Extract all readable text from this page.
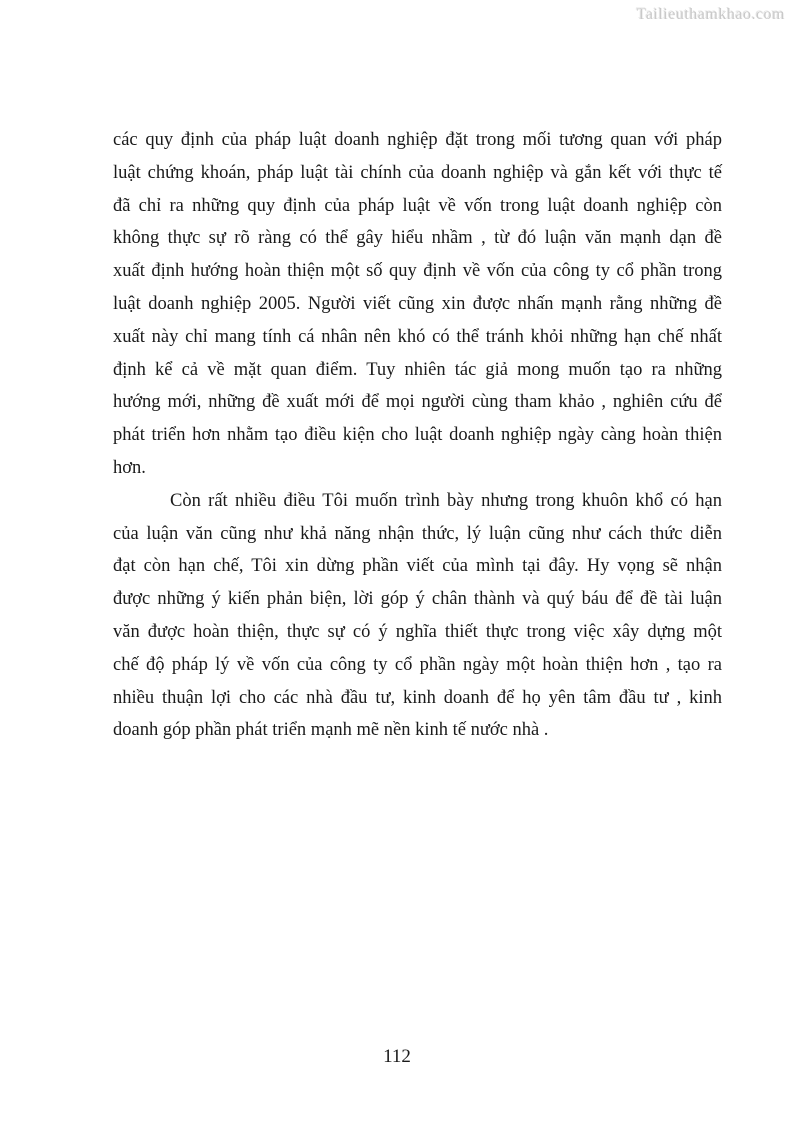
Tailieuthamkhao.com
các quy định của pháp luật doanh nghiệp đặt trong mối tương quan với pháp
luật chứng khoán, pháp luật tài chính của doanh nghiệp và gắn kết với thực tế
đã chỉ ra những quy định của pháp luật về vốn trong luật doanh nghiệp còn
không thực sự rõ ràng có thể gây hiểu nhầm , từ đó luận văn mạnh dạn đề
xuất định hướng hoàn thiện một số quy định về vốn của công ty cổ phần trong
luật doanh nghiệp 2005. Người viết cũng xin được nhấn mạnh rằng những đề
xuất này chỉ mang tính cá nhân nên khó có thể tránh khỏi những hạn chế nhất
định kể cả về mặt quan điểm. Tuy nhiên tác giả mong muốn tạo ra những
hướng mới, những đề xuất mới để mọi người cùng tham khảo , nghiên cứu để
phát triển hơn nhằm tạo điều kiện cho luật doanh nghiệp ngày càng hoàn thiện
hơn.
Còn rất nhiều điều Tôi muốn trình bày nhưng trong khuôn khổ có hạn
của luận văn cũng như khả năng nhận thức, lý luận cũng như cách thức diễn
đạt còn hạn chế, Tôi xin dừng phần viết của mình tại đây. Hy vọng sẽ nhận
được những ý kiến phản biện, lời góp ý chân thành và quý báu để đề tài luận
văn được hoàn thiện, thực sự có ý nghĩa thiết thực trong việc xây dựng một
chế độ pháp lý về vốn của công ty cổ phần ngày một hoàn thiện hơn , tạo ra
nhiều thuận lợi cho các nhà đầu tư, kinh doanh để họ yên tâm đầu tư , kinh
doanh góp phần phát triển mạnh mẽ nền kinh tế nước nhà .
112
